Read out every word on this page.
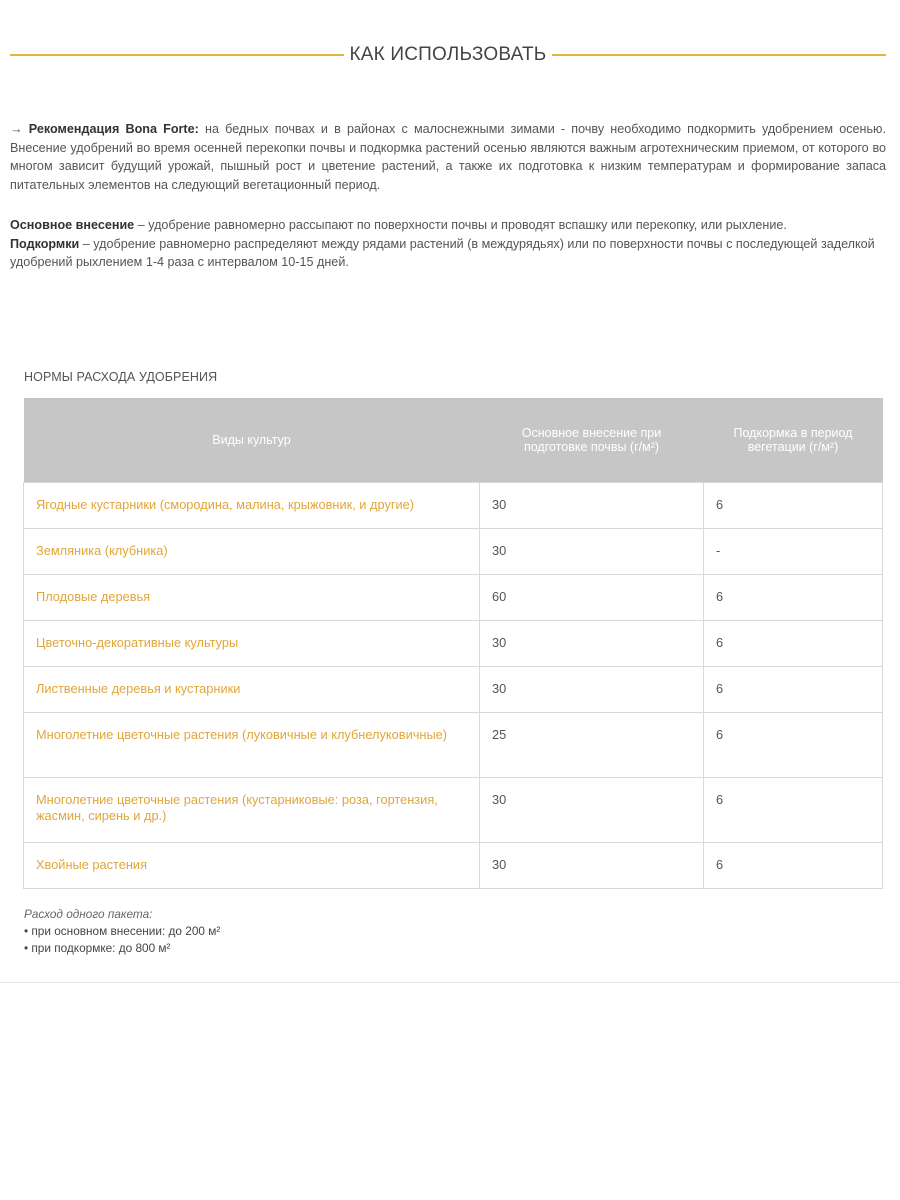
КАК ИСПОЛЬЗОВАТЬ
→ Рекомендация Bona Forte: на бедных почвах и в районах с малоснежными зимами - почву необходимо подкормить удобрением осенью. Внесение удобрений во время осенней перекопки почвы и подкормка растений осенью являются важным агротехническим приемом, от которого во многом зависит будущий урожай, пышный рост и цветение растений, а также их подготовка к низким температурам и формирование запаса питательных элементов на следующий вегетационный период.
Основное внесение – удобрение равномерно рассыпают по поверхности почвы и проводят вспашку или перекопку, или рыхление.
Подкормки – удобрение равномерно распределяют между рядами растений (в междурядьях) или по поверхности почвы с последующей заделкой удобрений рыхлением 1-4 раза с интервалом 10-15 дней.
НОРМЫ РАСХОДА УДОБРЕНИЯ
Виды культур	Основное внесение при подготовке почвы (г/м²)	Подкормка в период вегетации (г/м²)
Ягодные кустарники (смородина, малина, крыжовник, и другие)	30	6
Земляника (клубника)	30	-
Плодовые деревья	60	6
Цветочно-декоративные культуры	30	6
Лиственные деревья и кустарники	30	6
Многолетние цветочные растения (луковичные и клубнелуковичные)	25	6
Многолетние цветочные растения (кустарниковые: роза, гортензия, жасмин, сирень и др.)	30	6
Хвойные растения	30	6
Расход одного пакета:
• при основном внесении: до 200 м²
• при подкормке: до 800 м²
